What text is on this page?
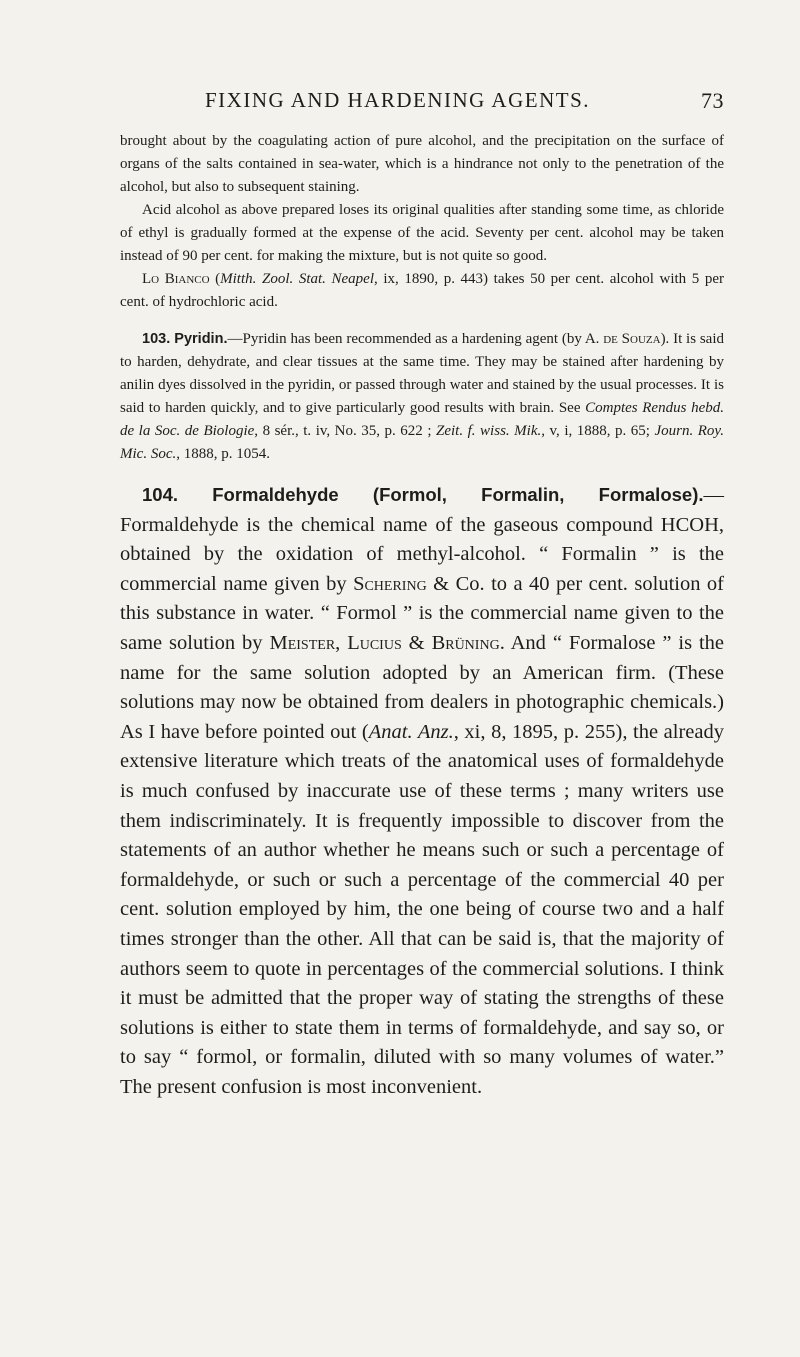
FIXING AND HARDENING AGENTS.	73

brought about by the coagulating action of pure alcohol, and the precipitation on the surface of organs of the salts contained in sea-water, which is a hindrance not only to the penetration of the alcohol, but also to subsequent staining.

Acid alcohol as above prepared loses its original qualities after standing some time, as chloride of ethyl is gradually formed at the expense of the acid. Seventy per cent. alcohol may be taken instead of 90 per cent. for making the mixture, but is not quite so good.

Lo Bianco (Mitth. Zool. Stat. Neapel, ix, 1890, p. 443) takes 50 per cent. alcohol with 5 per cent. of hydrochloric acid.

103. Pyridin.—Pyridin has been recommended as a hardening agent (by A. de Souza). It is said to harden, dehydrate, and clear tissues at the same time. They may be stained after hardening by anilin dyes dissolved in the pyridin, or passed through water and stained by the usual processes. It is said to harden quickly, and to give particularly good results with brain. See Comptes Rendus hebd. de la Soc. de Biologie, 8 sér., t. iv, No. 35, p. 622 ; Zeit. f. wiss. Mik., v, i, 1888, p. 65; Journ. Roy. Mic. Soc., 1888, p. 1054.

104. Formaldehyde (Formol, Formalin, Formalose).—Formaldehyde is the chemical name of the gaseous compound HCOH, obtained by the oxidation of methyl-alcohol. “ Formalin ” is the commercial name given by Schering & Co. to a 40 per cent. solution of this substance in water. “ Formol ” is the commercial name given to the same solution by Meister, Lucius & Brüning. And “ Formalose ” is the name for the same solution adopted by an American firm. (These solutions may now be obtained from dealers in photographic chemicals.) As I have before pointed out (Anat. Anz., xi, 8, 1895, p. 255), the already extensive literature which treats of the anatomical uses of formaldehyde is much confused by inaccurate use of these terms ; many writers use them indiscriminately. It is frequently impossible to discover from the statements of an author whether he means such or such a percentage of formaldehyde, or such or such a percentage of the commercial 40 per cent. solution employed by him, the one being of course two and a half times stronger than the other. All that can be said is, that the majority of authors seem to quote in percentages of the commercial solutions. I think it must be admitted that the proper way of stating the strengths of these solutions is either to state them in terms of formaldehyde, and say so, or to say “ formol, or formalin, diluted with so many volumes of water.” The present confusion is most inconvenient.
